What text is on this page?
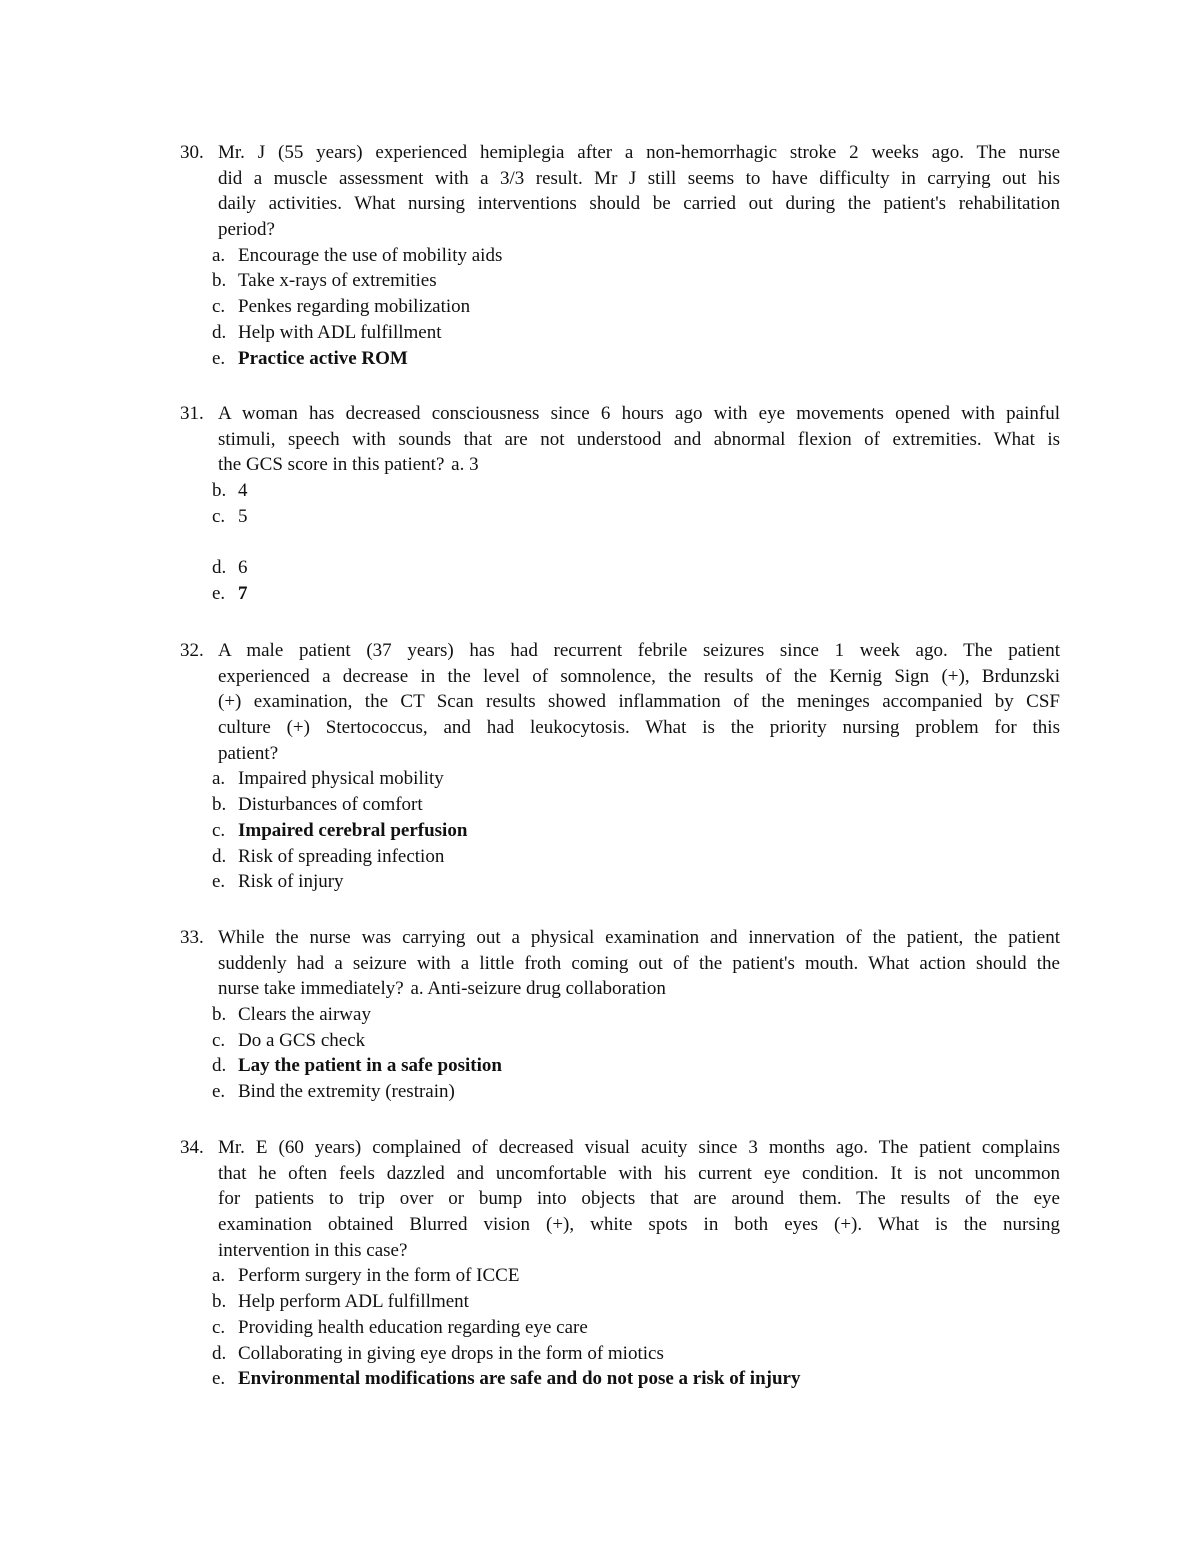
30. Mr. J (55 years) experienced hemiplegia after a non-hemorrhagic stroke 2 weeks ago. The nurse
did a muscle assessment with a 3/3 result. Mr J still seems to have difficulty in carrying out his
daily activities. What nursing interventions should be carried out during the patient's rehabilitation
period?
a. Encourage the use of mobility aids
b. Take x-rays of extremities
c. Penkes regarding mobilization
d. Help with ADL fulfillment
e. Practice active ROM
31. A woman has decreased consciousness since 6 hours ago with eye movements opened with painful
stimuli, speech with sounds that are not understood and abnormal flexion of extremities. What is
the GCS score in this patient? a. 3
b. 4
c. 5
d. 6
e. 7
32. A male patient (37 years) has had recurrent febrile seizures since 1 week ago. The patient
experienced a decrease in the level of somnolence, the results of the Kernig Sign (+), Brdunzski
(+) examination, the CT Scan results showed inflammation of the meninges accompanied by CSF
culture (+) Stertococcus, and had leukocytosis. What is the priority nursing problem for this
patient?
a. Impaired physical mobility
b. Disturbances of comfort
c. Impaired cerebral perfusion
d. Risk of spreading infection
e. Risk of injury
33. While the nurse was carrying out a physical examination and innervation of the patient, the patient
suddenly had a seizure with a little froth coming out of the patient's mouth. What action should the
nurse take immediately? a. Anti-seizure drug collaboration
b. Clears the airway
c. Do a GCS check
d. Lay the patient in a safe position
e. Bind the extremity (restrain)
34. Mr. E (60 years) complained of decreased visual acuity since 3 months ago. The patient complains
that he often feels dazzled and uncomfortable with his current eye condition. It is not uncommon
for patients to trip over or bump into objects that are around them. The results of the eye
examination obtained Blurred vision (+), white spots in both eyes (+). What is the nursing
intervention in this case?
a. Perform surgery in the form of ICCE
b. Help perform ADL fulfillment
c. Providing health education regarding eye care
d. Collaborating in giving eye drops in the form of miotics
e. Environmental modifications are safe and do not pose a risk of injury
